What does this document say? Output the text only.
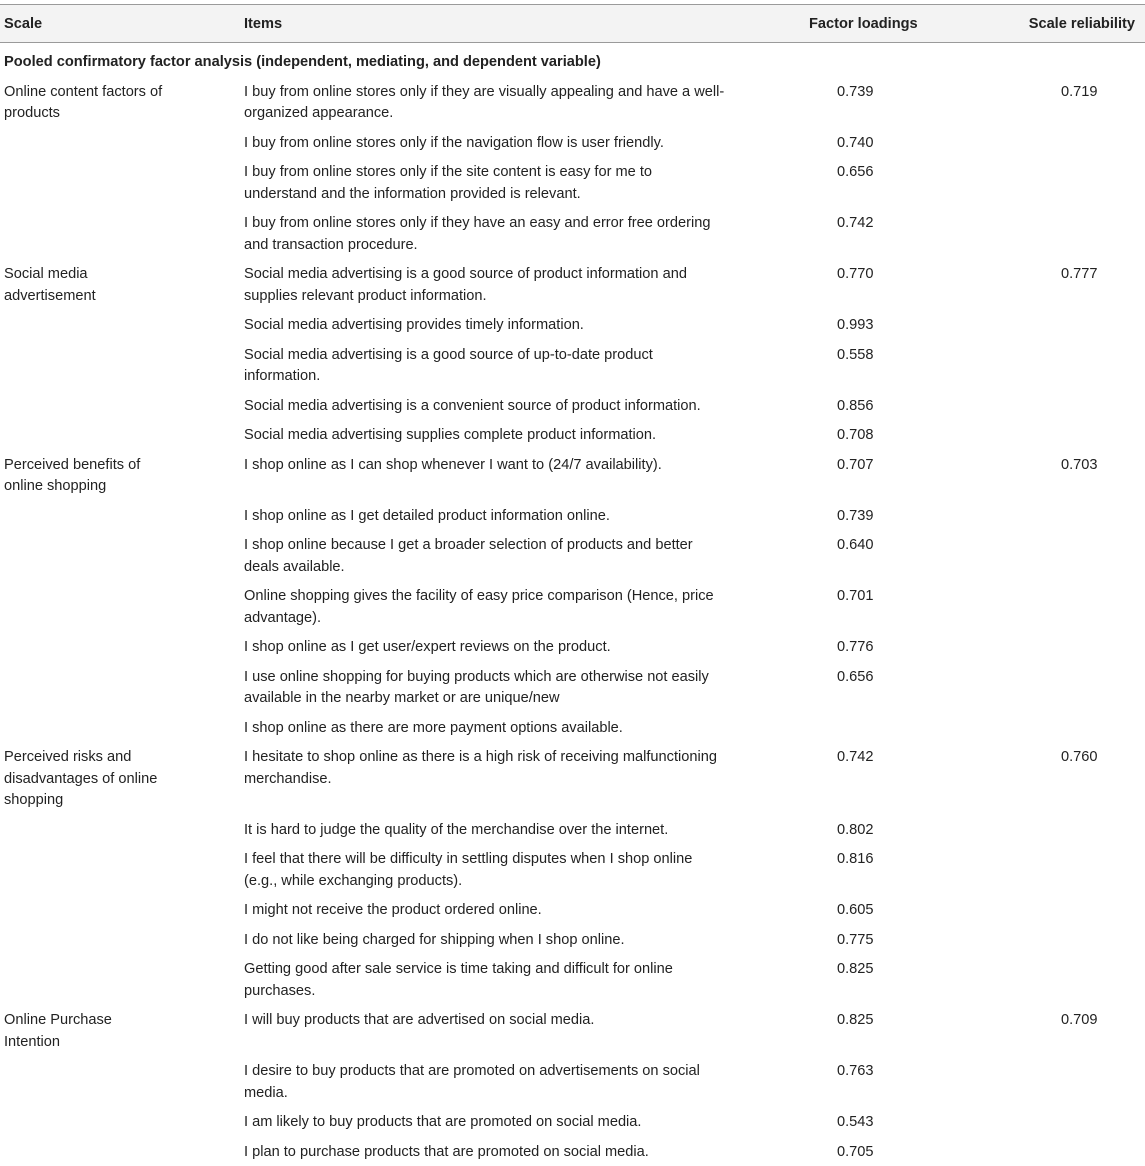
Scale	Items	Factor loadings	Scale reliability
Pooled confirmatory factor analysis (independent, mediating, and dependent variable)			
Online content factors of products	I buy from online stores only if they are visually appealing and have a well-organized appearance.	0.739	0.719
	I buy from online stores only if the navigation flow is user friendly.	0.740	
	I buy from online stores only if the site content is easy for me to understand and the information provided is relevant.	0.656	
	I buy from online stores only if they have an easy and error free ordering and transaction procedure.	0.742	
Social media advertisement	Social media advertising is a good source of product information and supplies relevant product information.	0.770	0.777
	Social media advertising provides timely information.	0.993	
	Social media advertising is a good source of up-to-date product information.	0.558	
	Social media advertising is a convenient source of product information.	0.856	
	Social media advertising supplies complete product information.	0.708	
Perceived benefits of online shopping	I shop online as I can shop whenever I want to (24/7 availability).	0.707	0.703
	I shop online as I get detailed product information online.	0.739	
	I shop online because I get a broader selection of products and better deals available.	0.640	
	Online shopping gives the facility of easy price comparison (Hence, price advantage).	0.701	
	I shop online as I get user/expert reviews on the product.	0.776	
	I use online shopping for buying products which are otherwise not easily available in the nearby market or are unique/new	0.656	
	I shop online as there are more payment options available.		
Perceived risks and disadvantages of online shopping	I hesitate to shop online as there is a high risk of receiving malfunctioning merchandise.	0.742	0.760
	It is hard to judge the quality of the merchandise over the internet.	0.802	
	I feel that there will be difficulty in settling disputes when I shop online (e.g., while exchanging products).	0.816	
	I might not receive the product ordered online.	0.605	
	I do not like being charged for shipping when I shop online.	0.775	
	Getting good after sale service is time taking and difficult for online purchases.	0.825	
Online Purchase Intention	I will buy products that are advertised on social media.	0.825	0.709
	I desire to buy products that are promoted on advertisements on social media.	0.763	
	I am likely to buy products that are promoted on social media.	0.543	
	I plan to purchase products that are promoted on social media.	0.705	
